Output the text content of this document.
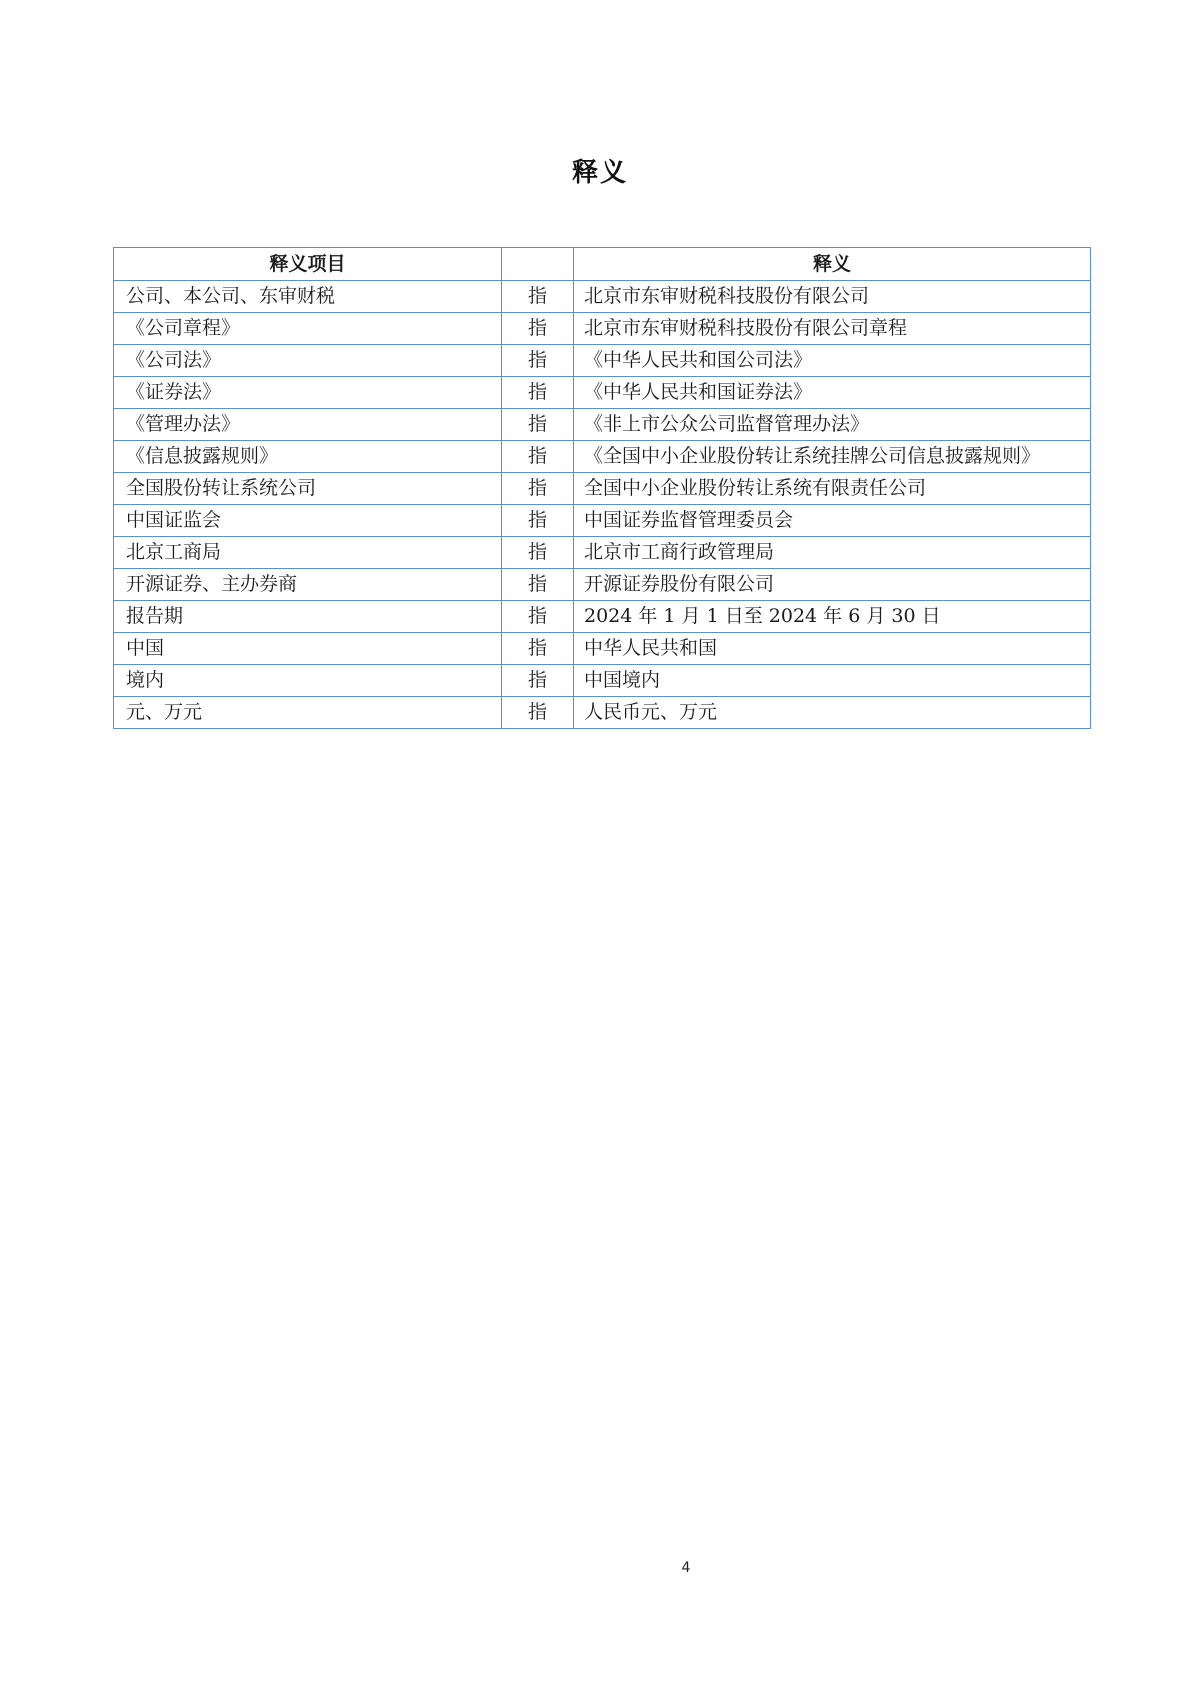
释义
释义项目		释义
公司、本公司、东审财税	指	北京市东审财税科技股份有限公司
《公司章程》	指	北京市东审财税科技股份有限公司章程
《公司法》	指	《中华人民共和国公司法》
《证券法》	指	《中华人民共和国证券法》
《管理办法》	指	《非上市公众公司监督管理办法》
《信息披露规则》	指	《全国中小企业股份转让系统挂牌公司信息披露规则》
全国股份转让系统公司	指	全国中小企业股份转让系统有限责任公司
中国证监会	指	中国证券监督管理委员会
北京工商局	指	北京市工商行政管理局
开源证券、主办券商	指	开源证券股份有限公司
报告期	指	2024 年 1 月 1 日至 2024 年 6 月 30 日
中国	指	中华人民共和国
境内	指	中国境内
元、万元	指	人民币元、万元
4
